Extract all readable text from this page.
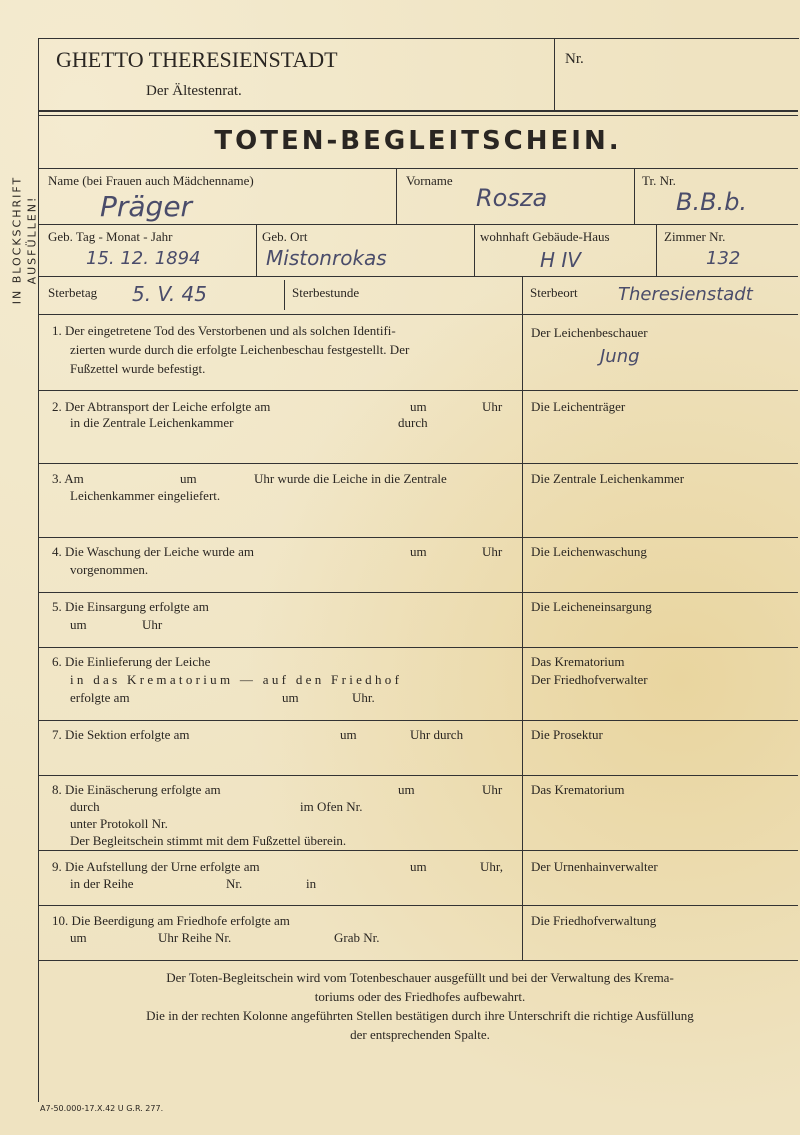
IN BLOCKSCHRIFT AUSFÜLLEN!
GHETTO THERESIENSTADT
Der Ältestenrat.
Nr.
TOTEN-BEGLEITSCHEIN.
Name (bei Frauen auch Mädchenname)
Präger
Vorname
Rosza
Tr. Nr.
B.B.b.
Geb. Tag - Monat - Jahr
15. 12. 1894
Geb. Ort
Mistonrokas
wohnhaft Gebäude-Haus
H IV
Zimmer Nr.
132
Sterbetag 5. V. 45	Sterbestunde	Sterbeort Theresienstadt
1. Der eingetretene Tod des Verstorbenen und als solchen Identifi-
zierten wurde durch die erfolgte Leichenbeschau festgestellt. Der
Fußzettel wurde befestigt.
Der Leichenbeschauer
Jung
2. Der Abtransport der Leiche erfolgte am	um	Uhr
in die Zentrale Leichenkammer	durch
Die Leichenträger
3. Am	um	Uhr wurde die Leiche in die Zentrale
Leichenkammer eingeliefert.
Die Zentrale Leichenkammer
4. Die Waschung der Leiche wurde am	um	Uhr
vorgenommen.
Die Leichenwaschung
5. Die Einsargung erfolgte am
um	Uhr
Die Leicheneinsargung
6. Die Einlieferung der Leiche
in das Krematorium — auf den Friedhof
erfolgte am	um	Uhr.
Das Krematorium
Der Friedhofverwalter
7. Die Sektion erfolgte am	um	Uhr durch	Die Prosektur
8. Die Einäscherung erfolgte am	um	Uhr
durch	im Ofen Nr.
unter Protokoll Nr.
Der Begleitschein stimmt mit dem Fußzettel überein.
Das Krematorium
9. Die Aufstellung der Urne erfolgte am	um	Uhr,
in der Reihe	Nr.	in
Der Urnenhainverwalter
10. Die Beerdigung am Friedhofe erfolgte am
um	Uhr Reihe Nr.	Grab Nr.
Die Friedhofverwaltung
Der Toten-Begleitschein wird vom Totenbeschauer ausgefüllt und bei der Verwaltung des Krema-
toriums oder des Friedhofes aufbewahrt.
Die in der rechten Kolonne angeführten Stellen bestätigen durch ihre Unterschrift die richtige Ausfüllung
der entsprechenden Spalte.
A7-50.000-17.X.42 U G.R. 277.
